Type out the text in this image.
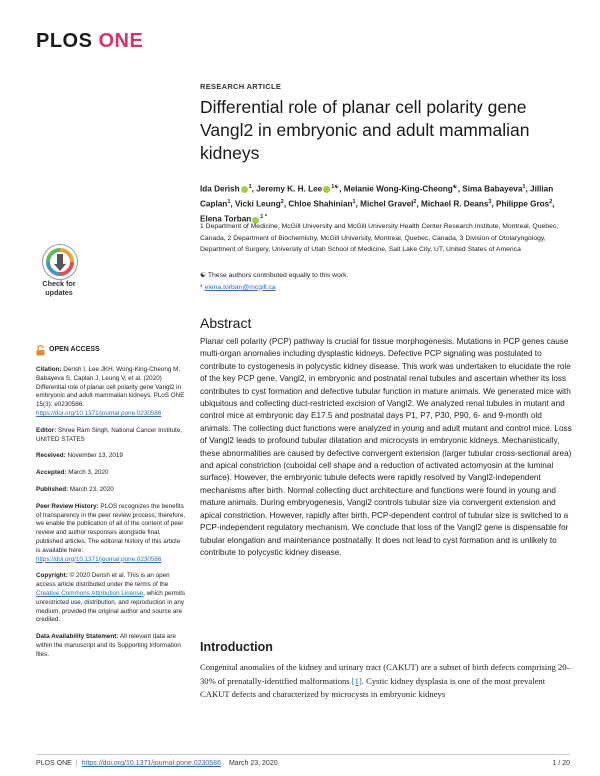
PLOS ONE
RESEARCH ARTICLE
Differential role of planar cell polarity gene Vangl2 in embryonic and adult mammalian kidneys
Ida Derish $^1$, Jeremy K. H. Lee $^{1☯}$, Melanie Wong-King-Cheong☯, Sima Babayeva$^1$, Jillian Caplan$^1$, Vicki Leung$^2$, Chloe Shahinian$^1$, Michel Gravel$^2$, Michael R. Deans$^3$, Philippe Gros$^2$, Elena Torban $^{1 *}$
1 Department of Medicine, McGill University and McGill University Health Center Research Institute, Montreal, Quebec, Canada, 2 Department of Biochemistry, McGill University, Montreal, Quebec, Canada, 3 Division of Otolaryngology, Department of Surgery, University of Utah School of Medicine, Salt Lake City, UT, United States of America
☯ These authors contributed equally to this work.
* elena.torban@mcgill.ca
Check for
updates
OPEN ACCESS

Citation: Derish I, Lee JKH, Wong-King-Cheong M, Babayeva S, Caplan J, Leung V, et al. (2020) Differential role of planar cell polarity gene Vangl2 in embryonic and adult mammalian kidneys. PLoS ONE 15(3): e0230586. https://doi.org/10.1371/journal.pone.0230586

Editor: Shree Ram Singh, National Cancer Institute, UNITED STATES

Received: November 13, 2019

Accepted: March 3, 2020

Published: March 23, 2020

Peer Review History: PLOS recognizes the benefits of transparency in the peer review process; therefore, we enable the publication of all of the content of peer review and author responses alongside final, published articles. The editorial history of this article is available here: https://doi.org/10.1371/journal.pone.0230586

Copyright: © 2020 Derish et al. This is an open access article distributed under the terms of the Creative Commons Attribution License, which permits unrestricted use, distribution, and reproduction in any medium, provided the original author and source are credited.

Data Availability Statement: All relevant data are within the manuscript and its Supporting Information files.

Abstract
Planar cell polarity (PCP) pathway is crucial for tissue morphogenesis. Mutations in PCP genes cause multi-organ anomalies including dysplastic kidneys. Defective PCP signaling was postulated to contribute to cystogenesis in polycystic kidney disease. This work was undertaken to elucidate the role of the key PCP gene, Vangl2, in embryonic and postnatal renal tubules and ascertain whether its loss contributes to cyst formation and defective tubular function in mature animals. We generated mice with ubiquitous and collecting duct-restricted excision of Vangl2. We analyzed renal tubules in mutant and control mice at embryonic day E17.5 and postnatal days P1, P7, P30, P90, 6- and 9-month old animals. The collecting duct functions were analyzed in young and adult mutant and control mice. Loss of Vangl2 leads to profound tubular dilatation and microcysts in embryonic kidneys. Mechanistically, these abnormalities are caused by defective convergent extension (larger tubular cross-sectional area) and apical constriction (cuboidal cell shape and a reduction of activated actomyosin at the luminal surface). However, the embryonic tubule defects were rapidly resolved by Vangl2-independent mechanisms after birth. Normal collecting duct architecture and functions were found in young and mature animals. During embryogenesis, Vangl2 controls tubular size via convergent extension and apical constriction. However, rapidly after birth, PCP-dependent control of tubular size is switched to a PCP-independent regulatory mechanism. We conclude that loss of the Vangl2 gene is dispensable for tubular elongation and maintenance postnatally. It does not lead to cyst formation and is unlikely to contribute to polycystic kidney disease.
Introduction
Congenital anomalies of the kidney and urinary tract (CAKUT) are a subset of birth defects comprising 20–30% of prenatally-identified malformations [1]. Cystic kidney dysplasia is one of the most prevalent CAKUT defects and characterized by microcysts in embryonic kidneys
PLOS ONE | https://doi.org/10.1371/journal.pone.0230586 March 23, 2020	1 / 20
